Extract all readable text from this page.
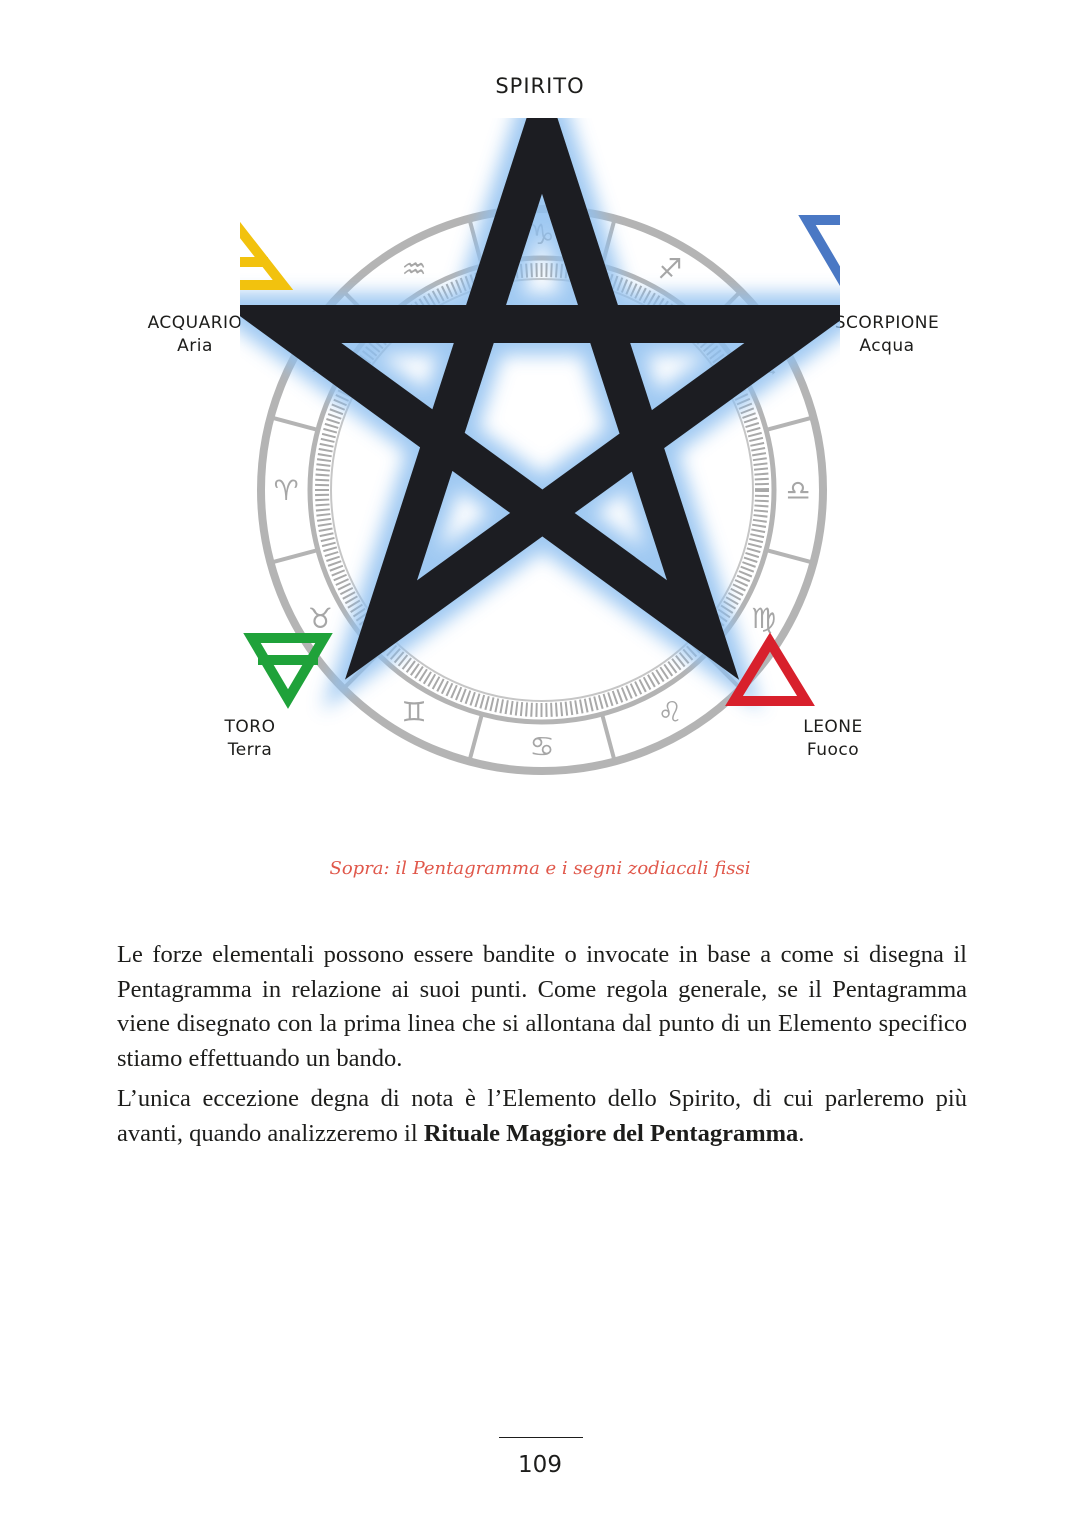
SPIRITO
ACQUARIO
Aria
SCORPIONE
Acqua
TORO
Terra
LEONE
Fuoco
♑
♐
♏
♎
♍
♌
♋
♊
♉
♈
♓
♒
Sopra: il Pentagramma e i segni zodiacali fissi

Le forze elementali possono essere bandite o invocate in base a come si disegna il Pentagramma in relazione ai suoi punti. Come regola generale, se il Pentagramma viene disegnato con la prima linea che si allontana dal punto di un Elemento specifico stiamo effettuando un bando.

L’unica eccezione degna di nota è l’Elemento dello Spirito, di cui parleremo più avanti, quando analizzeremo il Rituale Maggiore del Pentagramma.

109
